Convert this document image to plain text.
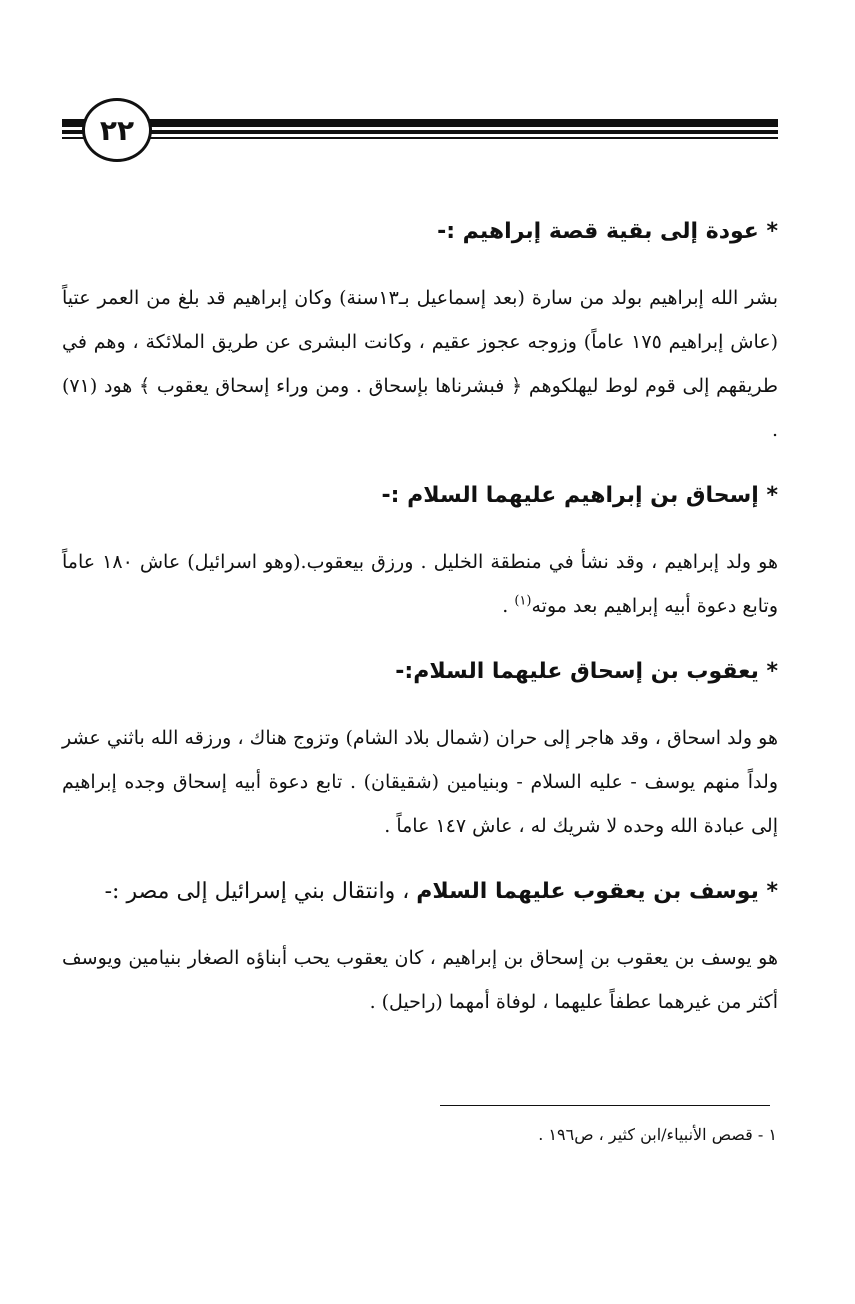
٢٢
* عودة إلى بقية قصة إبراهيم :-

بشر الله إبراهيم بولد من سارة (بعد إسماعيل بـ١٣سنة) وكان إبراهيم قد بلغ من العمر عتياً (عاش إبراهيم ١٧٥ عاماً) وزوجه عجوز عقيم ، وكانت البشرى عن طريق الملائكة ، وهم في طريقهم إلى قوم لوط ليهلكوهم ﴿ فبشرناها بإسحاق . ومن وراء إسحاق يعقوب ﴾ هود (٧١) .

* إسحاق بن إبراهيم عليهما السلام :-

هو ولد إبراهيم ، وقد نشأ في منطقة الخليل . ورزق بيعقوب.(وهو اسرائيل) عاش ١٨٠ عاماً وتابع دعوة أبيه إبراهيم بعد موته$^{(١)}$ .

* يعقوب بن إسحاق عليهما السلام:-

هو ولد اسحاق ، وقد هاجر إلى حران (شمال بلاد الشام) وتزوج هناك ، ورزقه الله باثني عشر ولداً منهم يوسف - عليه السلام - وبنيامين (شقيقان) . تابع دعوة أبيه إسحاق وجده إبراهيم إلى عبادة الله وحده لا شريك له ، عاش ١٤٧ عاماً .

* يوسف بن يعقوب عليهما السلام ، وانتقال بني إسرائيل إلى مصر :-

هو يوسف بن يعقوب بن إسحاق بن إبراهيم ، كان يعقوب يحب أبناؤه الصغار بنيامين ويوسف أكثر من غيرهما عطفاً عليهما ، لوفاة أمهما (راحيل) .

١ - قصص الأنبياء/ابن كثير ، ص١٩٦ .
